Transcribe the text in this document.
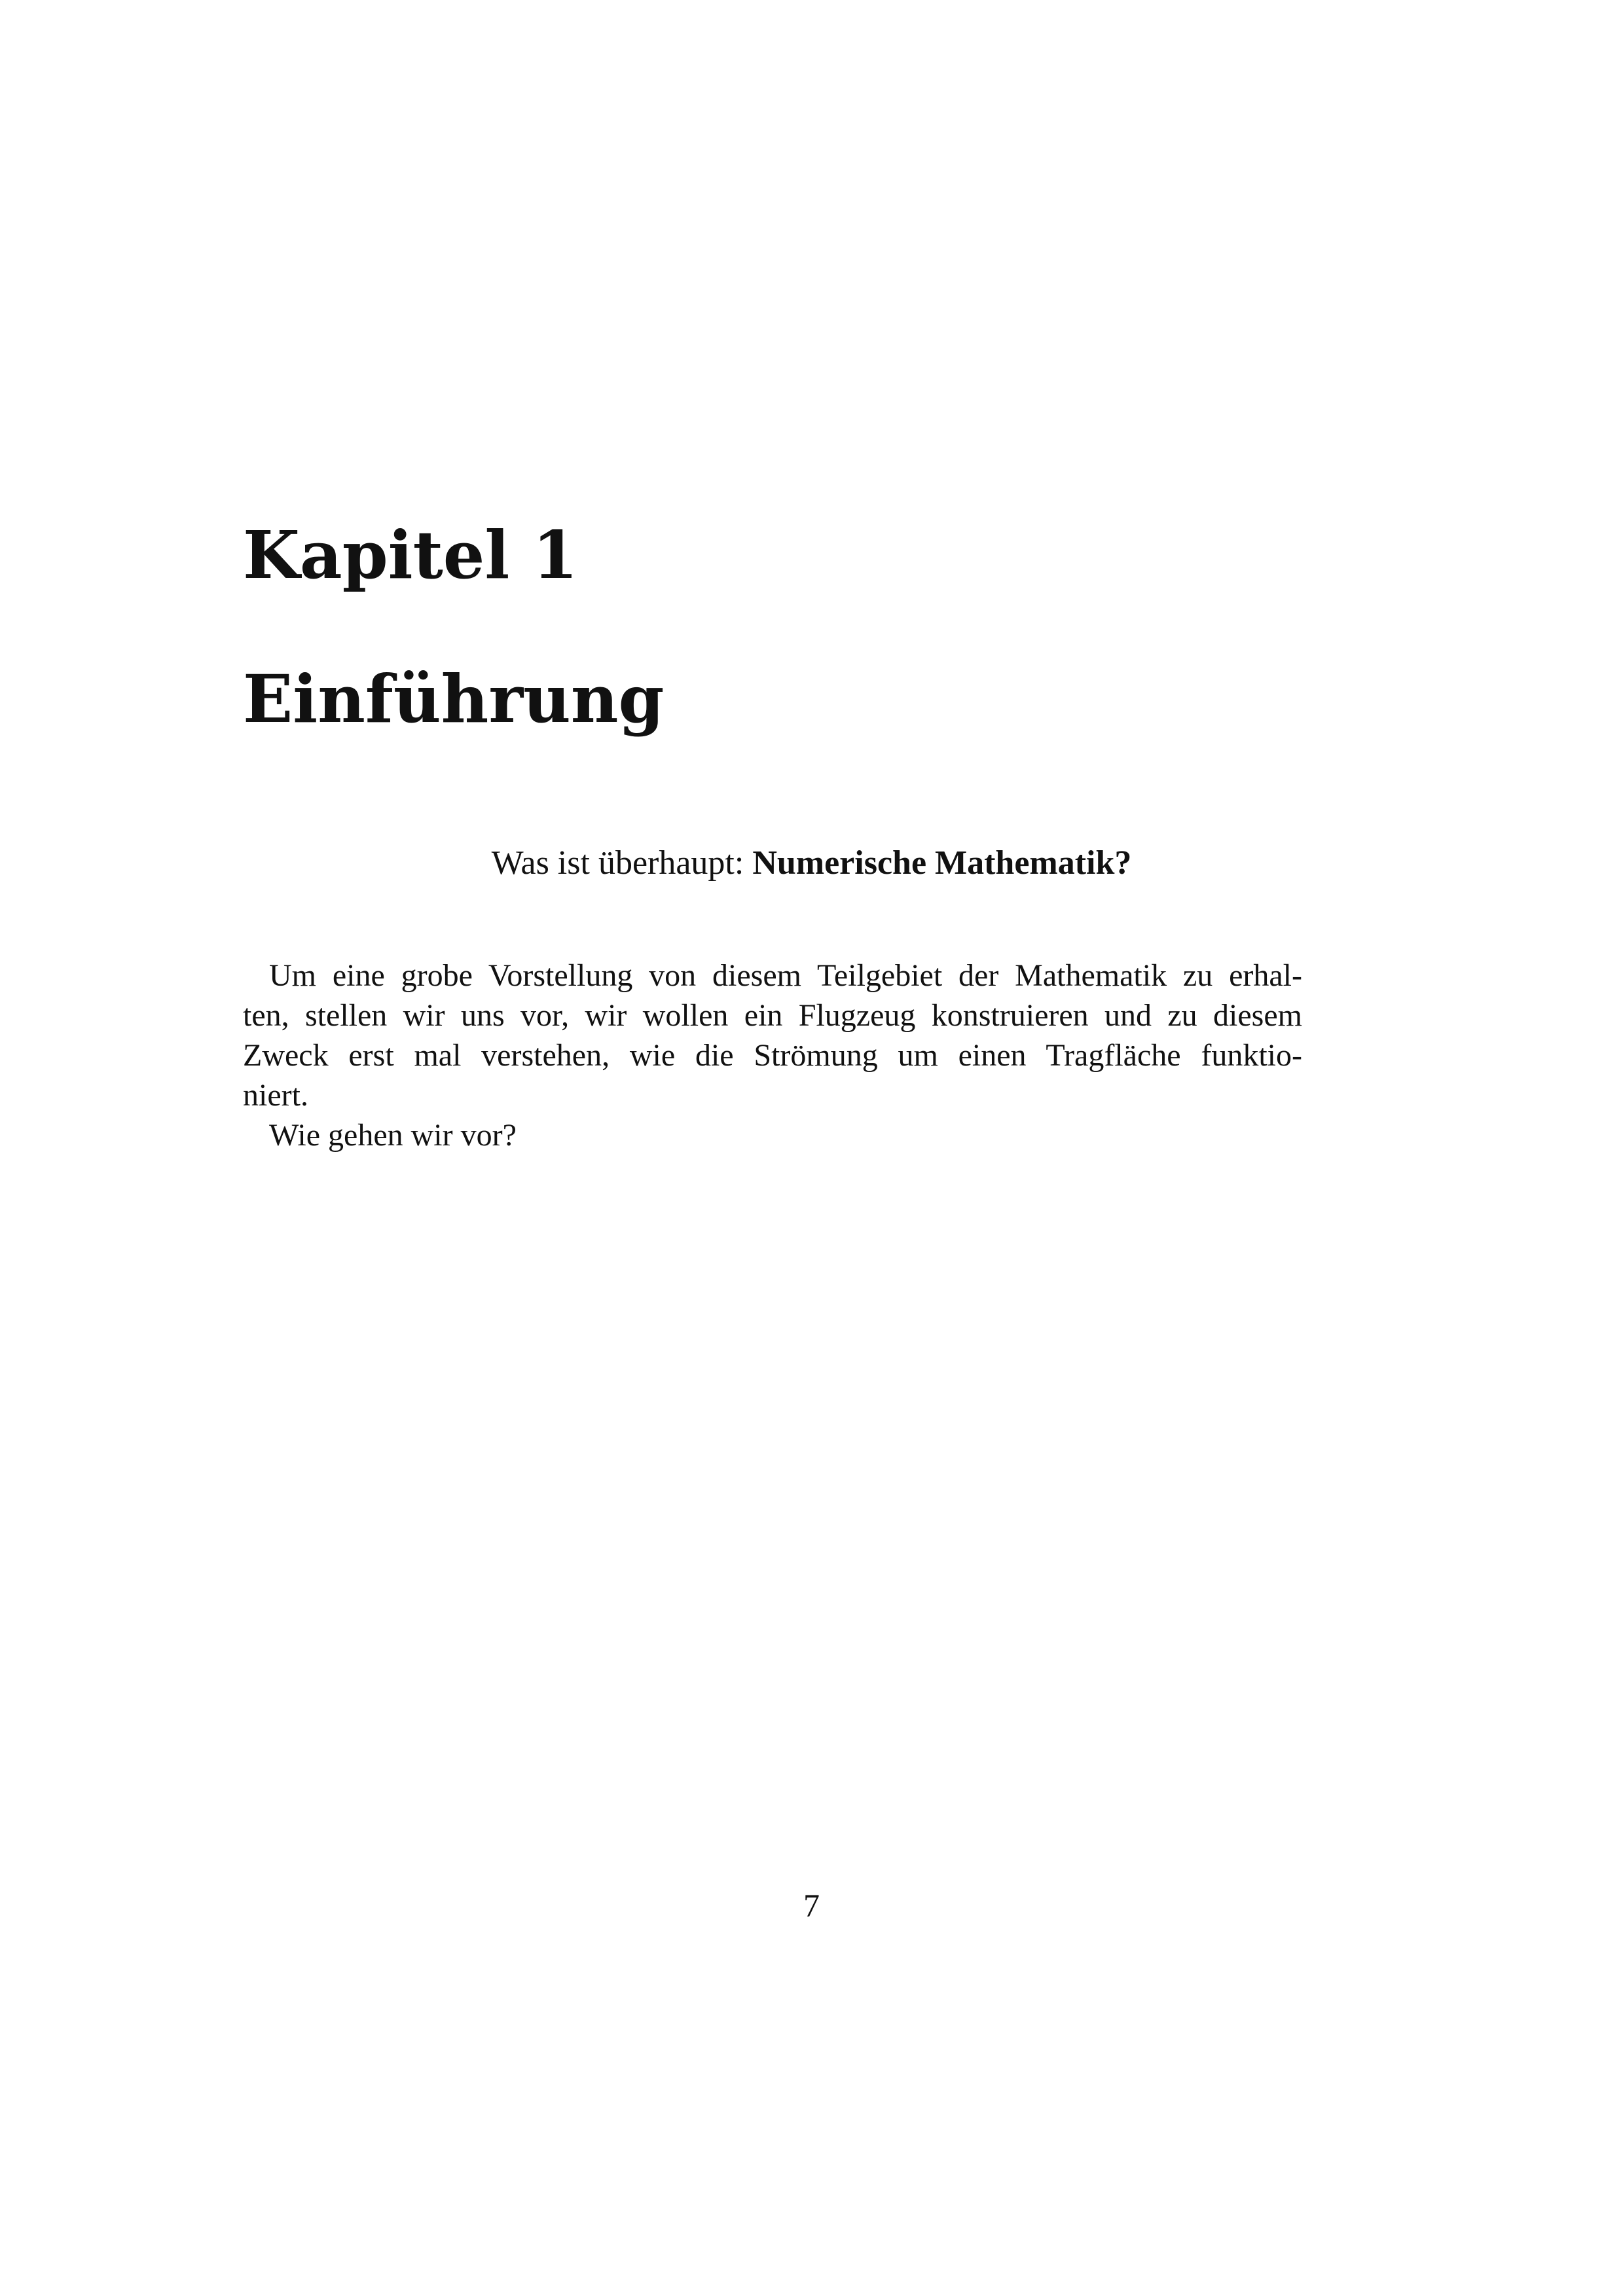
Kapitel 1
Einführung
Was ist überhaupt: Numerische Mathematik?
Um eine grobe Vorstellung von diesem Teilgebiet der Mathematik zu erhal-
ten, stellen wir uns vor, wir wollen ein Flugzeug konstruieren und zu diesem
Zweck erst mal verstehen, wie die Strömung um einen Tragfläche funktio-
niert.
Wie gehen wir vor?
7
